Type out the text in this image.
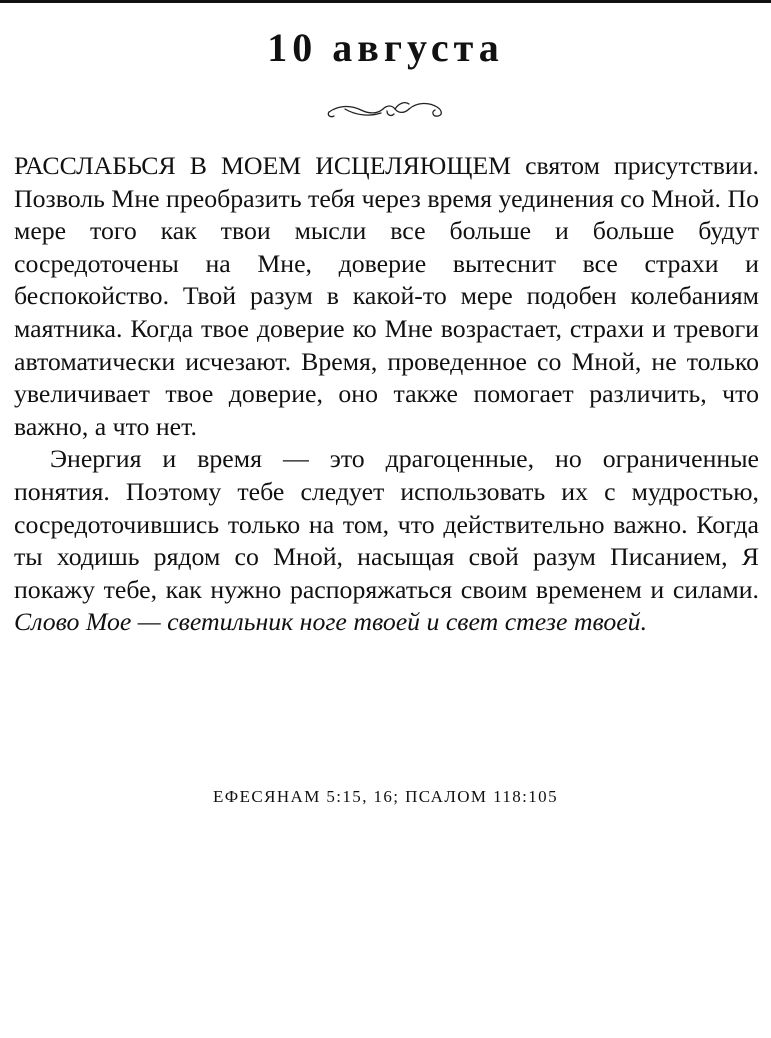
10 августа

РАССЛАБЬСЯ В МОЕМ ИСЦЕЛЯЮЩЕМ святом присутствии. Позволь Мне преобразить тебя через время уединения со Мной. По мере того как твои мысли все больше и больше будут сосредоточены на Мне, доверие вытеснит все страхи и беспокойство. Твой разум в какой-то мере подобен колебаниям маятника. Когда твое доверие ко Мне возрастает, страхи и тревоги автоматически исчезают. Время, проведенное со Мной, не только увеличивает твое доверие, оно также помогает различить, что важно, а что нет.

Энергия и время — это драгоценные, но ограниченные понятия. Поэтому тебе следует использовать их с мудростью, сосредоточившись только на том, что действительно важно. Когда ты ходишь рядом со Мной, насыщая свой разум Писанием, Я покажу тебе, как нужно распоряжаться своим временем и силами. Слово Мое — светильник ноге твоей и свет стезе твоей.

ЕФЕСЯНАМ 5:15, 16; ПСАЛОМ 118:105
